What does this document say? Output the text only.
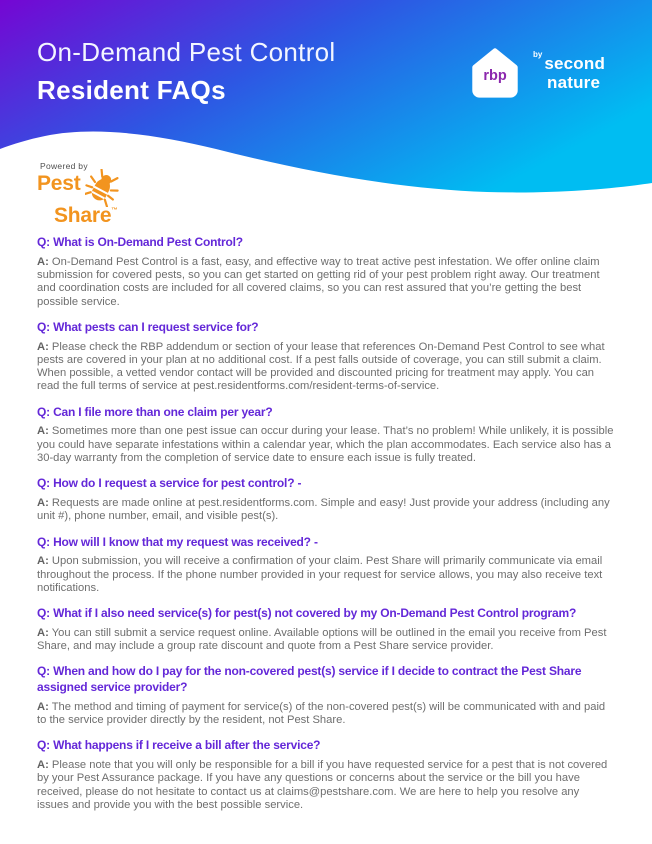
On-Demand Pest Control
Resident FAQs	rbp
$^{by}$ second
nature
Powered by
Pest
Share ™
Q: What is On-Demand Pest Control?

A: On-Demand Pest Control is a fast, easy, and effective way to treat active pest infestation. We offer online claim submission for covered pests, so you can get started on getting rid of your pest problem right away. Our treatment and coordination costs are included for all covered claims, so you can rest assured that you’re getting the best possible service.

Q: What pests can I request service for?

A: Please check the RBP addendum or section of your lease that references On-Demand Pest Control to see what pests are covered in your plan at no additional cost. If a pest falls outside of coverage, you can still submit a claim. When possible, a vetted vendor contact will be provided and discounted pricing for treatment may apply. You can read the full terms of service at pest.residentforms.com/resident-terms-of-service.

Q: Can I file more than one claim per year?

A: Sometimes more than one pest issue can occur during your lease. That’s no problem! While unlikely, it is possible you could have separate infestations within a calendar year, which the plan accommodates. Each service also has a 30-day warranty from the completion of service date to ensure each issue is fully treated.

Q: How do I request a service for pest control? -

A: Requests are made online at pest.residentforms.com. Simple and easy! Just provide your address (including any unit #), phone number, email, and visible pest(s).

Q: How will I know that my request was received? -

A: Upon submission, you will receive a confirmation of your claim. Pest Share will primarily communicate via email throughout the process. If the phone number provided in your request for service allows, you may also receive text notifications.

Q: What if I also need service(s) for pest(s) not covered by my On-Demand Pest Control program?

A: You can still submit a service request online. Available options will be outlined in the email you receive from Pest Share, and may include a group rate discount and quote from a Pest Share service provider.

Q: When and how do I pay for the non-covered pest(s) service if I decide to contract the Pest Share assigned service provider?

A: The method and timing of payment for service(s) of the non-covered pest(s) will be communicated with and paid to the service provider directly by the resident, not Pest Share.

Q: What happens if I receive a bill after the service?

A: Please note that you will only be responsible for a bill if you have requested service for a pest that is not covered by your Pest Assurance package. If you have any questions or concerns about the service or the bill you have received, please do not hesitate to contact us at claims@pestshare.com. We are here to help you resolve any issues and provide you with the best possible service.
